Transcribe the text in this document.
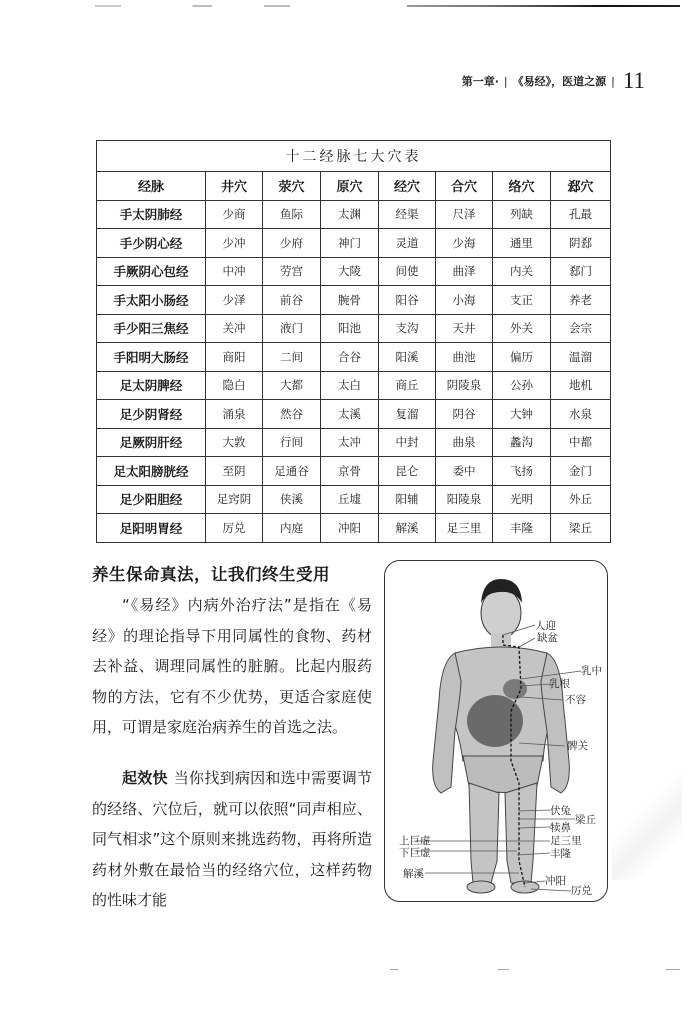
第一章· | 《易经》，医道之源 | 11
十二经脉七大穴表							
经脉	井穴	荥穴	原穴	经穴	合穴	络穴	郄穴
手太阴肺经	少商	鱼际	太渊	经渠	尺泽	列缺	孔最
手少阴心经	少冲	少府	神门	灵道	少海	通里	阴郄
手厥阴心包经	中冲	劳宫	大陵	间使	曲泽	内关	郄门
手太阳小肠经	少泽	前谷	腕骨	阳谷	小海	支正	养老
手少阳三焦经	关冲	液门	阳池	支沟	天井	外关	会宗
手阳明大肠经	商阳	二间	合谷	阳溪	曲池	偏历	温溜
足太阴脾经	隐白	大都	太白	商丘	阴陵泉	公孙	地机
足少阴肾经	涌泉	然谷	太溪	复溜	阴谷	大钟	水泉
足厥阴肝经	大敦	行间	太冲	中封	曲泉	蠡沟	中都
足太阳膀胱经	至阴	足通谷	京骨	昆仑	委中	飞扬	金门
足少阳胆经	足窍阴	侠溪	丘墟	阳辅	阳陵泉	光明	外丘
足阳明胃经	厉兑	内庭	冲阳	解溪	足三里	丰隆	梁丘
养生保命真法，让我们终生受用
“《易经》内病外治疗法”是指在《易经》的理论指导下用同属性的食物、药材去补益、调理同属性的脏腑。比起内服药物的方法，它有不少优势，更适合家庭使用，可谓是家庭治病养生的首选之法。
起效快 当你找到病因和选中需要调节的经络、穴位后，就可以依照“同声相应、同气相求”这个原则来挑选药物，再将所造药材外敷在最恰当的经络穴位，这样药物的性味才能
人迎
缺盆
乳中
乳根
不容
髀关
伏兔
梁丘
犊鼻
足三里
丰隆
上巨虚
下巨虚
解溪
冲阳
厉兑
